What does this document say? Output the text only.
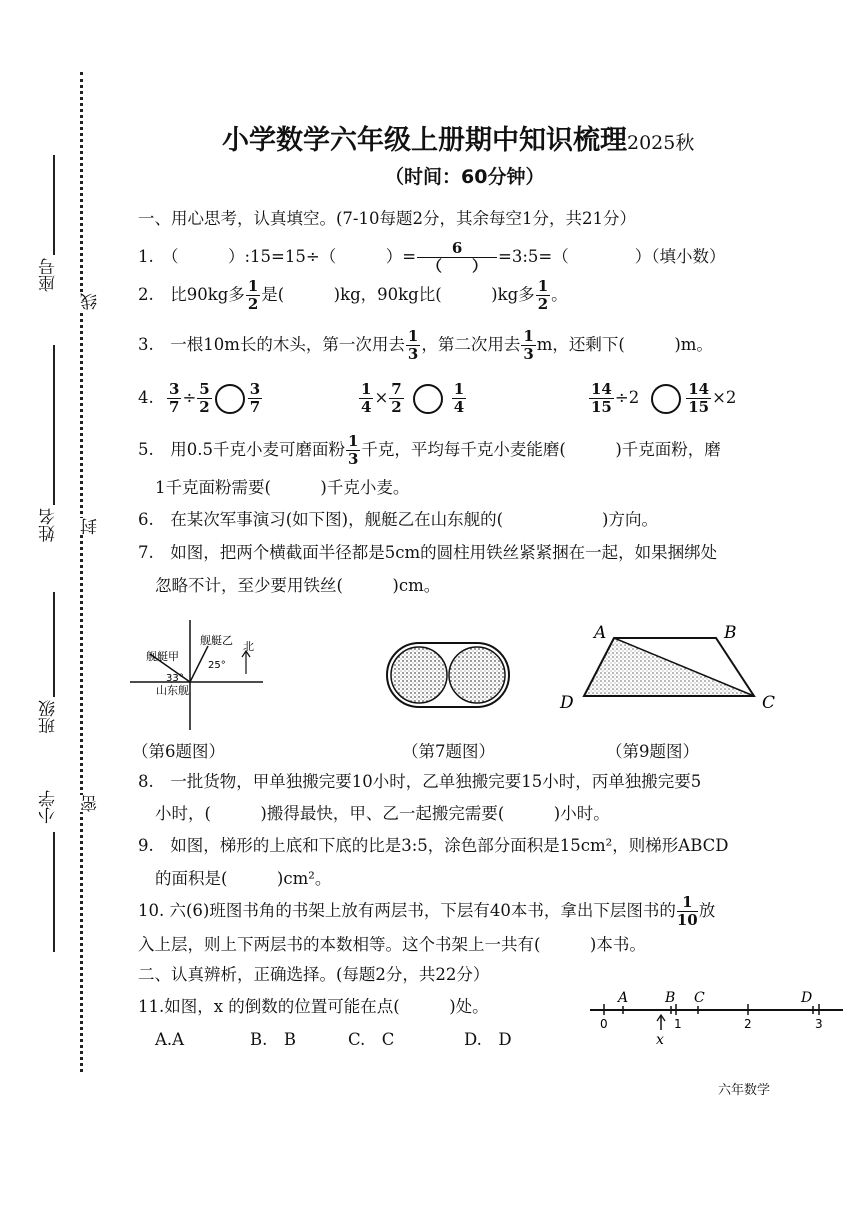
线
封
密
座号
姓名
班级
小学
小学数学六年级上册期中知识梳理2025秋
（时间：60分钟）
一、用心思考，认真填空。(7-10每题2分，其余每空1分，共21分）
1.　（　　　）:15=15÷（　　　）= $\frac{6}{( )}$ =3:5=（　　　　）（填小数）
2.　比90kg多 $\frac{1}{2}$ 是(　　　)kg，90kg比(　　　)kg多 $\frac{1}{2}$ 。
3.　一根10m长的木头，第一次用去 $\frac{1}{3}$ ，第二次用去 $\frac{1}{3}$ m，还剩下(　　　)m。
4. $\frac{3}{7} \div \frac{5}{2} \frac{3}{7}$	$\frac{1}{4} \times \frac{7}{2}$	$\frac{1}{4}$	$\frac{14}{15} \div 2$	$\frac{14}{15} \times 2$
5.　用0.5千克小麦可磨面粉 $\frac{1}{3}$ 千克，平均每千克小麦能磨(　　　)千克面粉，磨
1千克面粉需要(　　　)千克小麦。
6.　在某次军事演习(如下图)，舰艇乙在山东舰的(　　　　　　)方向。
7.　如图，把两个横截面半径都是5cm的圆柱用铁丝紧紧捆在一起，如果捆绑处
忽略不计，至少要用铁丝(　　　)cm。
舰艇甲
舰艇乙 北
山东舰
33°
25°
A	B
C
D
（第6题图）	（第7题图）	（第9题图）
8.　一批货物，甲单独搬完要10小时，乙单独搬完要15小时，丙单独搬完要5
小时，(　　　)搬得最快，甲、乙一起搬完需要(　　　)小时。
9.　如图，梯形的上底和下底的比是3:5，涂色部分面积是15cm²，则梯形ABCD
的面积是(　　　)cm²。
10. 六(6)班图书角的书架上放有两层书，下层有40本书，拿出下层图书的 $\frac{1}{10}$ 放
入上层，则上下两层书的本数相等。这个书架上一共有(　　　)本书。
二、认真辨析，正确选择。(每题2分，共22分）
11.如图，x 的倒数的位置可能在点(　　　)处。
A.A	B.　B	C.　C	D.　D
A	B C	D
x
0	1	2	3
六年数学
